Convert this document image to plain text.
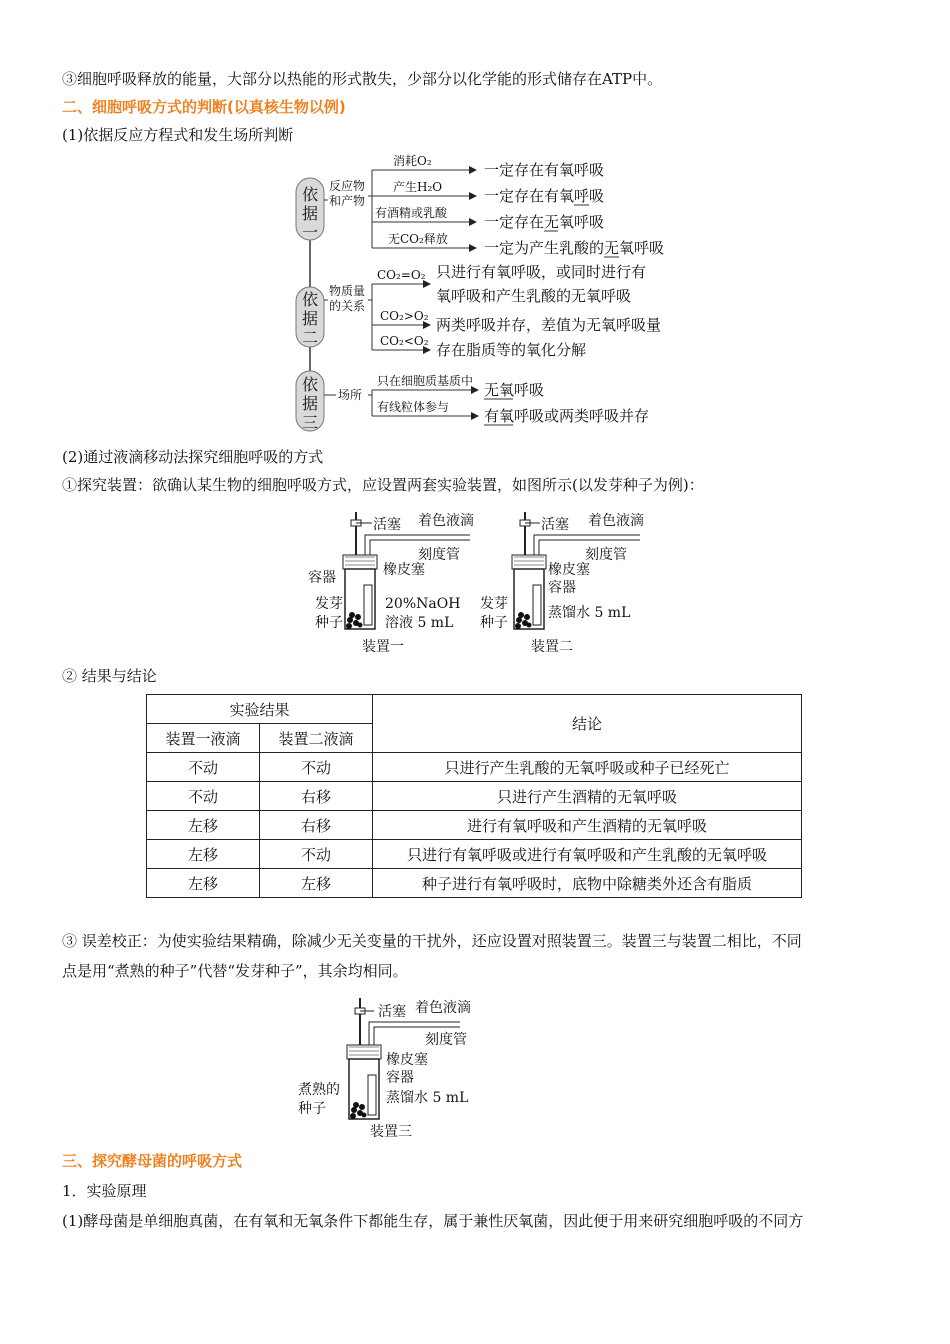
③细胞呼吸释放的能量，大部分以热能的形式散失，少部分以化学能的形式储存在ATP中。
二、细胞呼吸方式的判断(以真核生物以例)
(1)依据反应方程式和发生场所判断
依据一
依据二
依据三
反应物
和产物
消耗O₂
产生H₂O
有酒精或乳酸
无CO₂释放
一定存在有氧呼吸
一定存在有氧呼吸
一定存在无氧呼吸
一定为产生乳酸的无氧呼吸
物质量
的关系
CO₂=O₂
CO₂>O₂
CO₂<O₂
只进行有氧呼吸，或同时进行有
氧呼吸和产生乳酸的无氧呼吸
两类呼吸并存，差值为无氧呼吸量
存在脂质等的氧化分解
场所
只在细胞质基质中
有线粒体参与
无氧呼吸
有氧呼吸或两类呼吸并存
(2)通过液滴移动法探究细胞呼吸的方式
①探究装置：欲确认某生物的细胞呼吸方式，应设置两套实验装置，如图所示(以发芽种子为例)：
活塞 着色液滴
刻度管
橡皮塞
容器
发芽
种子
20%NaOH
溶液 5 mL
装置一
活塞 着色液滴
刻度管
橡皮塞
容器
发芽
种子
蒸馏水 5 mL
装置二
② 结果与结论
实验结果		结论
装置一液滴	装置二液滴	
不动	不动	只进行产生乳酸的无氧呼吸或种子已经死亡
不动	右移	只进行产生酒精的无氧呼吸
左移	右移	进行有氧呼吸和产生酒精的无氧呼吸
左移	不动	只进行有氧呼吸或进行有氧呼吸和产生乳酸的无氧呼吸
左移	左移	种子进行有氧呼吸时，底物中除糖类外还含有脂质
③ 误差校正：为使实验结果精确，除减少无关变量的干扰外，还应设置对照装置三。装置三与装置二相比，不同
点是用“煮熟的种子”代替“发芽种子”，其余均相同。
活塞 着色液滴
刻度管
橡皮塞
容器
煮熟的
种子
蒸馏水 5 mL
装置三
三、探究酵母菌的呼吸方式
1．实验原理
(1)酵母菌是单细胞真菌，在有氧和无氧条件下都能生存，属于兼性厌氧菌，因此便于用来研究细胞呼吸的不同方
